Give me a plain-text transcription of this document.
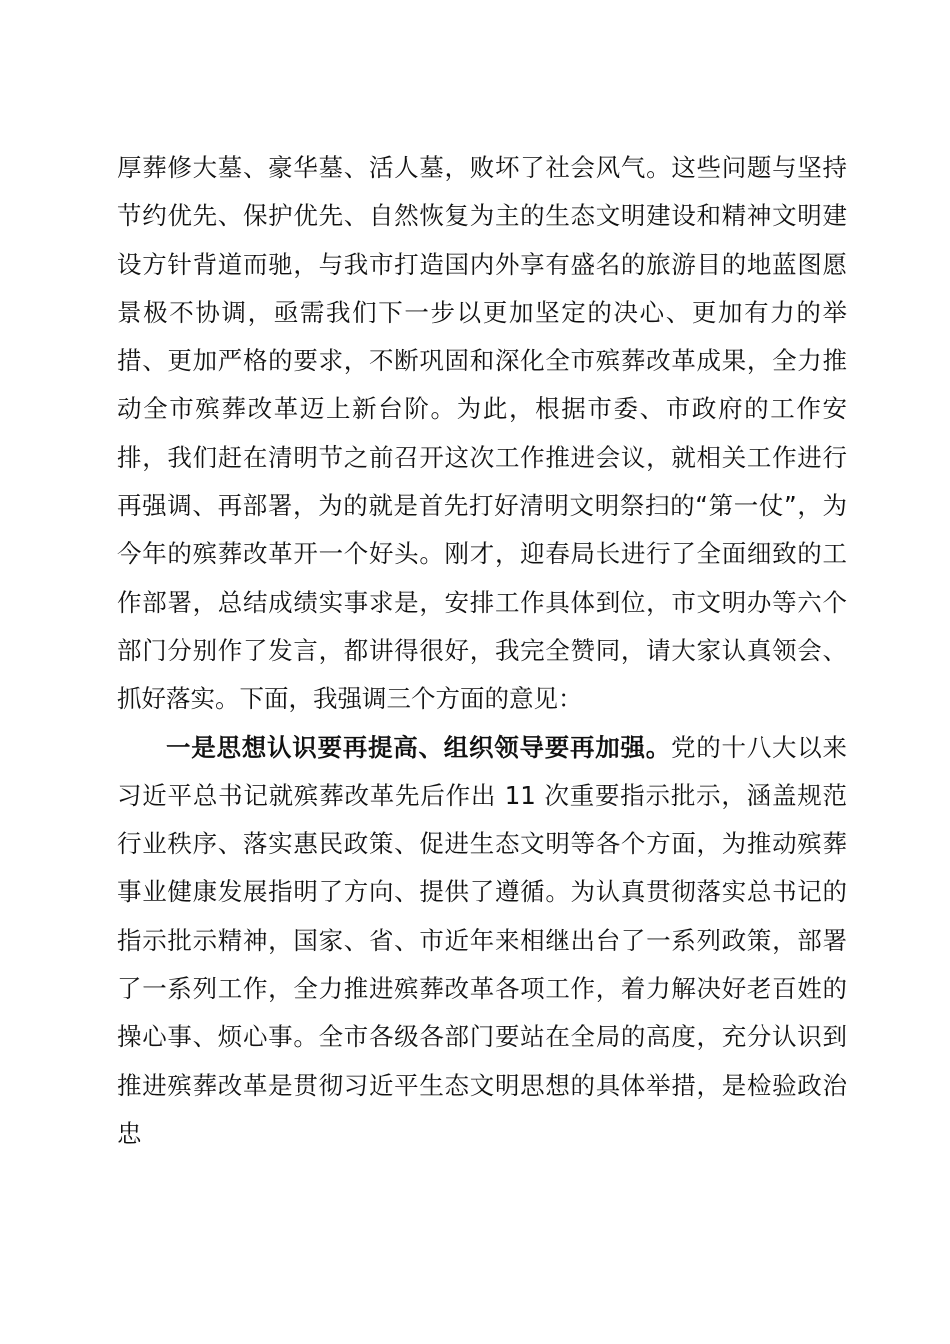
厚葬修大墓、豪华墓、活人墓，败坏了社会风气。这些问题与坚持节约优先、保护优先、自然恢复为主的生态文明建设和精神文明建设方针背道而驰，与我市打造国内外享有盛名的旅游目的地蓝图愿景极不协调，亟需我们下一步以更加坚定的决心、更加有力的举措、更加严格的要求，不断巩固和深化全市殡葬改革成果，全力推动全市殡葬改革迈上新台阶。为此，根据市委、市政府的工作安排，我们赶在清明节之前召开这次工作推进会议，就相关工作进行再强调、再部署，为的就是首先打好清明文明祭扫的“第一仗”，为今年的殡葬改革开一个好头。刚才，迎春局长进行了全面细致的工作部署，总结成绩实事求是，安排工作具体到位，市文明办等六个部门分别作了发言，都讲得很好，我完全赞同，请大家认真领会、抓好落实。下面，我强调三个方面的意见：

一是思想认识要再提高、组织领导要再加强。党的十八大以来习近平总书记就殡葬改革先后作出 11 次重要指示批示，涵盖规范行业秩序、落实惠民政策、促进生态文明等各个方面，为推动殡葬事业健康发展指明了方向、提供了遵循。为认真贯彻落实总书记的指示批示精神，国家、省、市近年来相继出台了一系列政策，部署了一系列工作，全力推进殡葬改革各项工作，着力解决好老百姓的操心事、烦心事。全市各级各部门要站在全局的高度，充分认识到推进殡葬改革是贯彻习近平生态文明思想的具体举措，是检验政治忠
